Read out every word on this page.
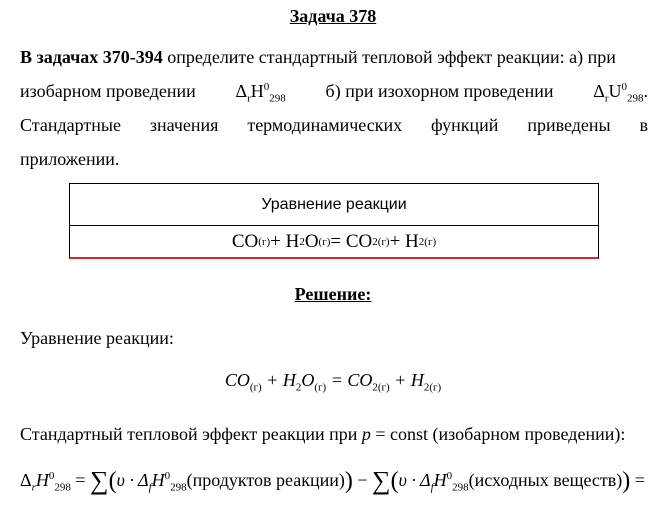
Задача 378
В задачах 370-394 определите стандартный тепловой эффект реакции: а) при
изобарном проведении $\Delta_rH^0_{298}$ б) при изохорном проведении $\Delta_rU^0_{298}$.
Стандартные значения термодинамических функций приведены в
приложении.
Уравнение реакции
CO (г) + H 2 O (г) = CO 2 (г) + H 2 (г)
Решение:
Уравнение реакции:
$CO_{(г)} + H_2O_{(г)} = CO_{2(г)} + H_{2(г)}$
Стандартный тепловой эффект реакции при p = const (изобарном проведении):
$\Delta_rH^0_{298} = \sum(\upsilon$ · $\Delta_fH^0_{298}(продуктов$ реакции)) − $\sum(\upsilon \cdot \Delta_fH^0_{298}(исходных$ веществ)) =
